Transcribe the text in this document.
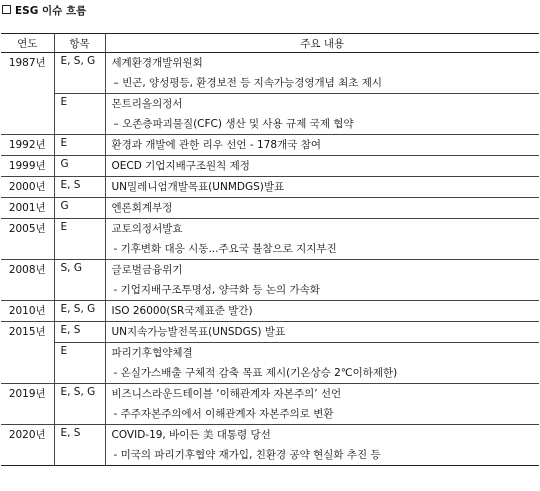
ESG 이슈 흐름
연도	항목	주요 내용
1987년	E, S, G	세계환경개발위원회
– 빈곤, 양성평등, 환경보전 등 지속가능경영개념 최초 제시

	E	몬트리올의정서
– 오존층파괴물질(CFC) 생산 및 사용 규제 국제 협약

1992년	E	환경과 개발에 관한 리우 선언 - 178개국 참여

1999년	G	OECD 기업지배구조원칙 제정

2000년	E, S	UN밀레니엄개발목표(UNMDGS)발표

2001년	G	엔론회계부정

2005년	E	교토의정서발효
- 기후변화 대응 시동...주요국 불참으로 지지부진

2008년	S, G	글로벌금융위기
- 기업지배구조투명성, 양극화 등 논의 가속화

2010년	E, S, G	ISO 26000(SR국제표준 발간)

2015년	E, S	UN지속가능발전목표(UNSDGS) 발표

	E	파리기후협약체결
- 온실가스배출 구체적 감축 목표 제시(기온상승 2℃이하제한)

2019년	E, S, G	비즈니스라운드테이블 ‘이해관계자 자본주의’ 선언
- 주주자본주의에서 이해관계자 자본주의로 변환

2020년	E, S	COVID-19, 바이든 美 대통령 당선
- 미국의 파리기후협약 재가입, 친환경 공약 현실화 추진 등
